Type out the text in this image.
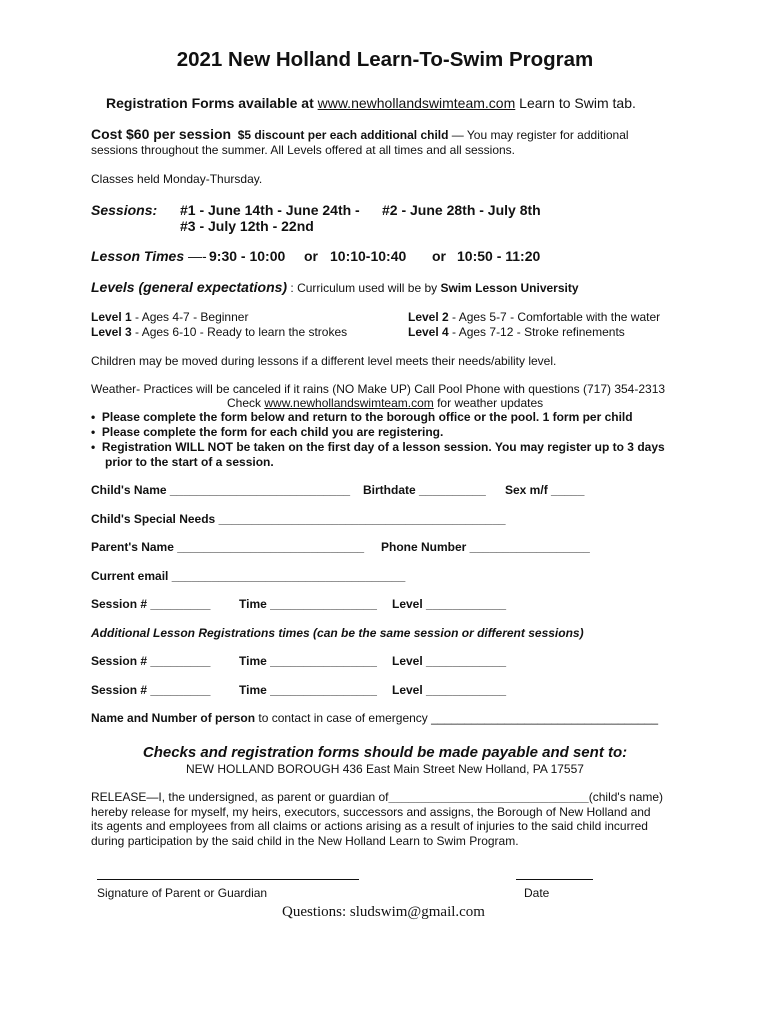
2021 New Holland Learn-To-Swim Program
Registration Forms available at www.newhollandswimteam.com Learn to Swim tab.
Cost $60 per session $5 discount per each additional child — You may register for additional
sessions throughout the summer. All Levels offered at all times and all sessions.
Classes held Monday-Thursday.
Sessions: #1 - June 14th - June 24th - #2 - June 28th - July 8th
#3 - July 12th - 22nd
Lesson Times —- 9:30 - 10:00 or 10:10-10:40 or 10:50 - 11:20
Levels (general expectations) : Curriculum used will be by Swim Lesson University
Level 1 - Ages 4-7 - Beginner	Level 2 - Ages 5-7 - Comfortable with the water
Level 3 - Ages 6-10 - Ready to learn the strokes	Level 4 - Ages 7-12 - Stroke refinements
Children may be moved during lessons if a different level meets their needs/ability level.
Weather- Practices will be canceled if it rains (NO Make UP) Call Pool Phone with questions (717) 354-2313
Check www.newhollandswimteam.com for weather updates
•  Please complete the form below and return to the borough office or the pool. 1 form per child
•  Please complete the form for each child you are registering.
•  Registration WILL NOT be taken on the first day of a lesson session. You may register up to 3 days prior to the start of a session.
Child's Name ___________________________ Birthdate __________ Sex m/f _____
Child's Special Needs ___________________________________________
Parent's Name ____________________________ Phone Number __________________
Current email ___________________________________
Session # _________ Time ________________ Level ____________
Additional Lesson Registrations times (can be the same session or different sessions)
Session # _________ Time ________________ Level ____________
Session # _________ Time ________________ Level ____________
Name and Number of person to contact in case of emergency __________________________________
Checks and registration forms should be made payable and sent to:
NEW HOLLAND BOROUGH 436 East Main Street New Holland, PA 17557
RELEASE—I, the undersigned, as parent or guardian of______________________________(child's name)
hereby release for myself, my heirs, executors, successors and assigns, the Borough of New Holland and
its agents and employees from all claims or actions arising as a result of injuries to the said child incurred
during participation by the said child in the New Holland Learn to Swim Program.
Signature of Parent or Guardian	Date
Questions: sludswim@gmail.com
